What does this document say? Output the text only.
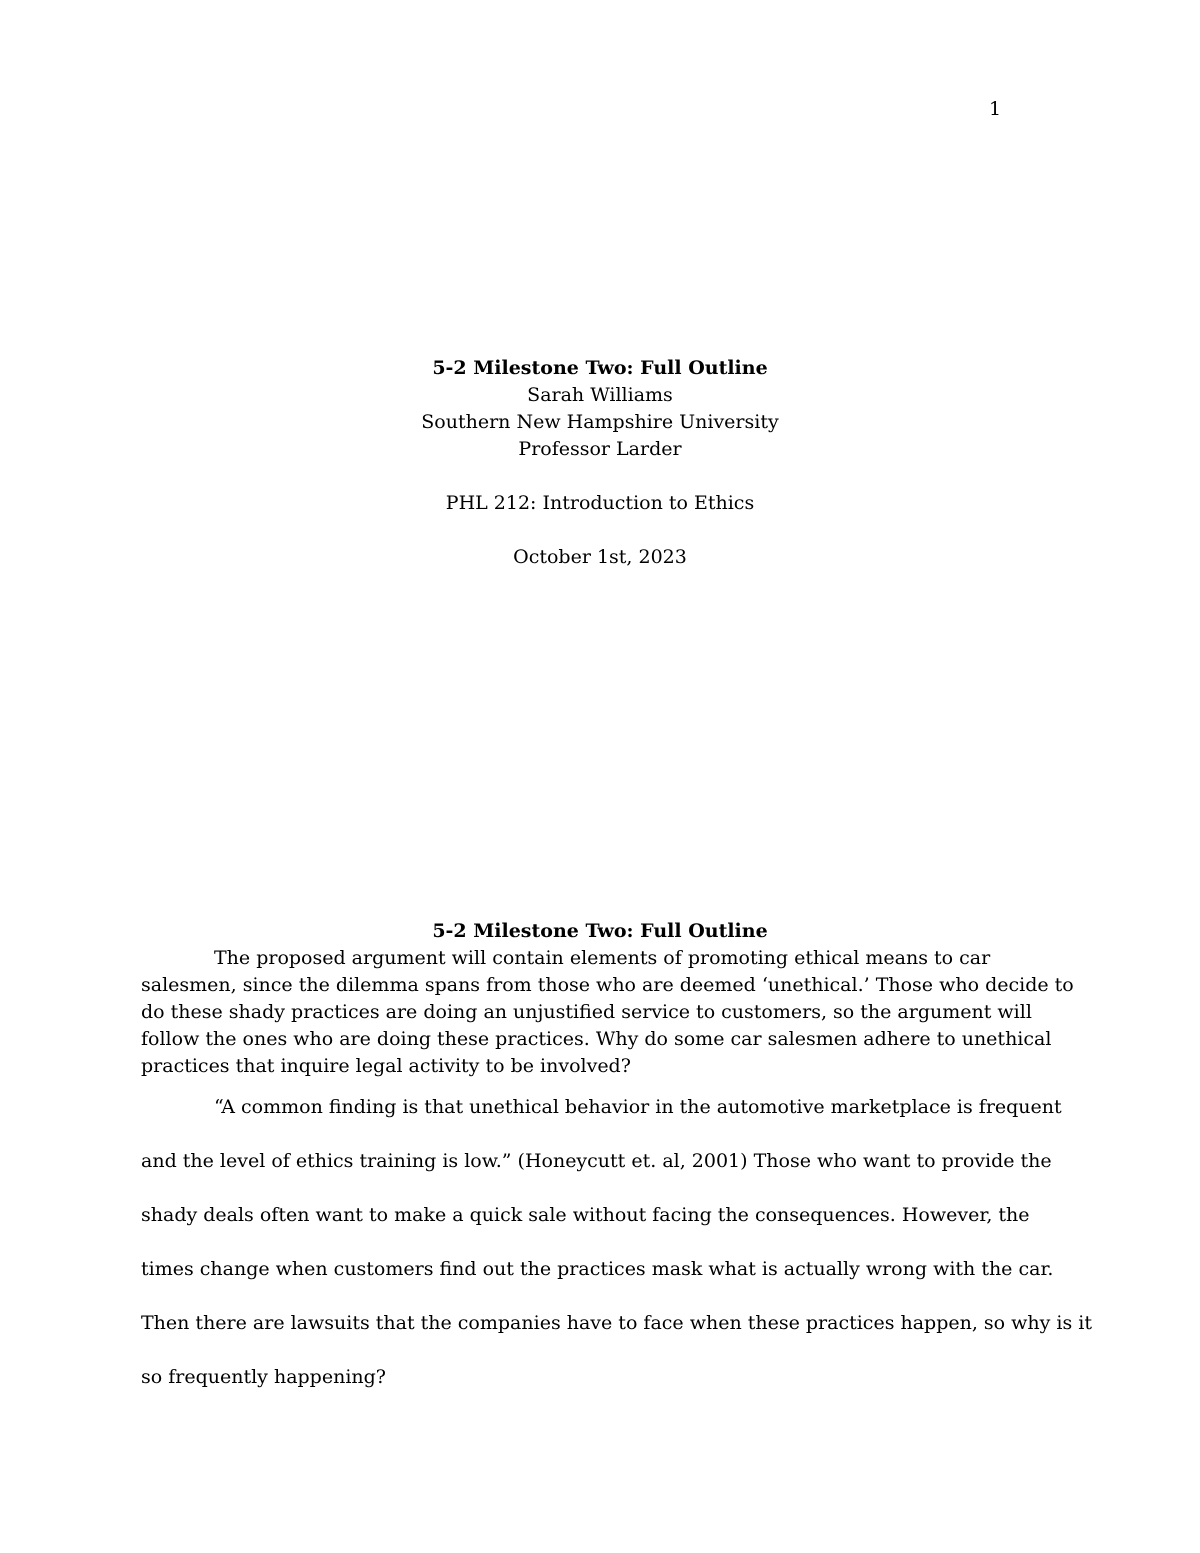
1
5-2 Milestone Two: Full Outline
Sarah Williams
Southern New Hampshire University
Professor Larder
PHL 212: Introduction to Ethics
October 1st, 2023
5-2 Milestone Two: Full Outline
The proposed argument will contain elements of promoting ethical means to car
salesmen, since the dilemma spans from those who are deemed ‘unethical.’ Those who decide to
do these shady practices are doing an unjustified service to customers, so the argument will
follow the ones who are doing these practices. Why do some car salesmen adhere to unethical
practices that inquire legal activity to be involved?
“A common finding is that unethical behavior in the automotive marketplace is frequent
and the level of ethics training is low.” (Honeycutt et. al, 2001) Those who want to provide the
shady deals often want to make a quick sale without facing the consequences. However, the
times change when customers find out the practices mask what is actually wrong with the car.
Then there are lawsuits that the companies have to face when these practices happen, so why is it
so frequently happening?
